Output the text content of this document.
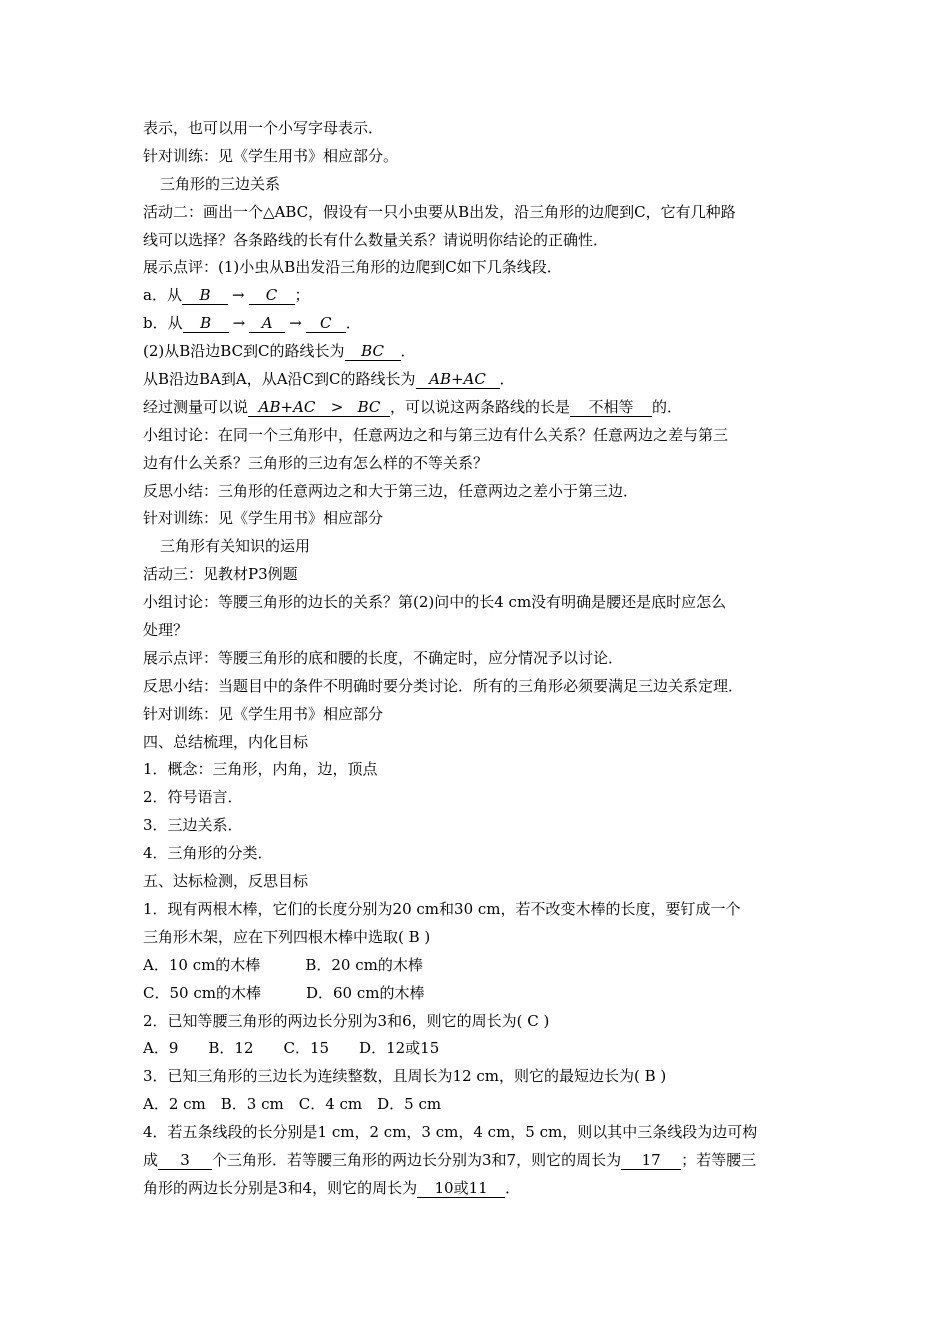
表示，也可以用一个小写字母表示．
针对训练：见《学生用书》相应部分。
三角形的三边关系
活动二：画出一个△ABC，假设有一只小虫要从B出发，沿三角形的边爬到C，它有几种路
线可以选择？各条路线的长有什么数量关系？请说明你结论的正确性．
展示点评：(1)小虫从B出发沿三角形的边爬到C如下几条线段．
a．从 B → C ；
b．从 B → A → C ．
(2)从B沿边BC到C的路线长为 BC ．
从B沿边BA到A，从A沿C到C的路线长为 AB+AC ．
经过测量可以说 AB+AC > BC ，可以说这两条路线的长是 不相等 的．
小组讨论：在同一个三角形中，任意两边之和与第三边有什么关系？任意两边之差与第三
边有什么关系？三角形的三边有怎么样的不等关系？
反思小结：三角形的任意两边之和大于第三边，任意两边之差小于第三边．
针对训练：见《学生用书》相应部分
三角形有关知识的运用
活动三：见教材P3例题
小组讨论：等腰三角形的边长的关系？第(2)问中的长4 cm没有明确是腰还是底时应怎么
处理？
展示点评：等腰三角形的底和腰的长度，不确定时，应分情况予以讨论．
反思小结：当题目中的条件不明确时要分类讨论．所有的三角形必须要满足三边关系定理．
针对训练：见《学生用书》相应部分
四、总结梳理，内化目标
1．概念：三角形，内角，边，顶点
2．符号语言．
3．三边关系．
4．三角形的分类．
五、达标检测，反思目标
1．现有两根木棒，它们的长度分别为20 cm和30 cm，若不改变木棒的长度，要钉成一个
三角形木架，应在下列四根木棒中选取( B )
A．10 cm的木棒　　　B．20 cm的木棒
C．50 cm的木棒　　　D．60 cm的木棒
2．已知等腰三角形的两边长分别为3和6，则它的周长为( C )
A．9　　B．12　　C．15　　D．12或15
3．已知三角形的三边长为连续整数，且周长为12 cm，则它的最短边长为( B )
A．2 cm　B．3 cm　C．4 cm　D．5 cm
4．若五条线段的长分别是1 cm，2 cm，3 cm，4 cm，5 cm，则以其中三条线段为边可构
成 3 个三角形．若等腰三角形的两边长分别为3和7，则它的周长为 17 ；若等腰三
角形的两边长分别是3和4，则它的周长为 10或11 ．
